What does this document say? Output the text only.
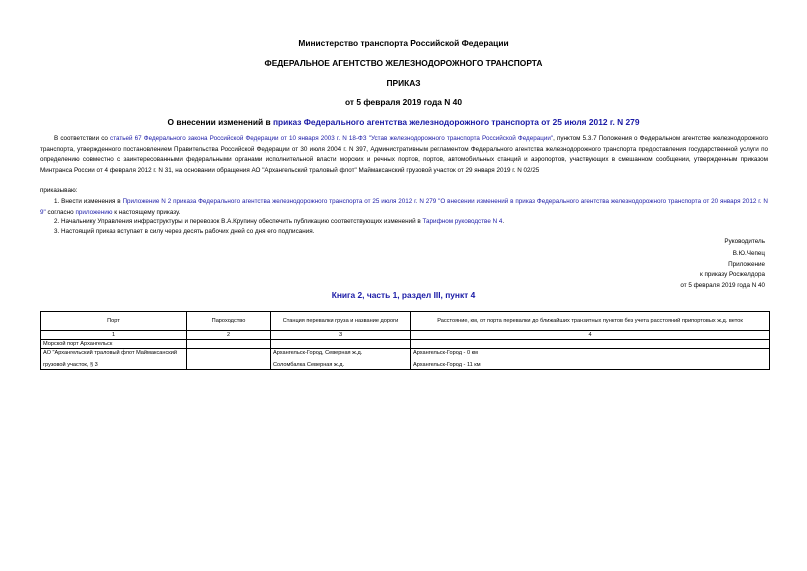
Министерство транспорта Российской Федерации
ФЕДЕРАЛЬНОЕ АГЕНТСТВО ЖЕЛЕЗНОДОРОЖНОГО ТРАНСПОРТА
ПРИКАЗ
от 5 февраля 2019 года N 40
О внесении изменений в приказ Федерального агентства железнодорожного транспорта от 25 июля 2012 г. N 279
В соответствии со статьей 67 Федерального закона Российской Федерации от 10 января 2003 г. N 18-ФЗ "Устав железнодорожного транспорта Российской Федерации", пунктом 5.3.7 Положения о Федеральном агентстве железнодорожного транспорта, утвержденного постановлением Правительства Российской Федерации от 30 июля 2004 г. N 397, Административным регламентом Федерального агентства железнодорожного транспорта предоставления государственной услуги по определению совместно с заинтересованными федеральными органами исполнительной власти морских и речных портов, портов, автомобильных станций и аэропортов, участвующих в смешанном сообщении, утвержденным приказом Минтранса России от 4 февраля 2012 г. N 31, на основании обращения АО "Архангельский траловый флот" Маймаксанский грузовой участок от 29 января 2019 г. N 02/25
приказываю:
1. Внести изменения в Приложение N 2 приказа Федерального агентства железнодорожного транспорта от 25 июля 2012 г. N 279 "О внесении изменений в приказ Федерального агентства железнодорожного транспорта от 20 января 2012 г. N 9" согласно приложению к настоящему приказу.
2. Начальнику Управления инфраструктуры и перевозок В.А.Крупину обеспечить публикацию соответствующих изменений в Тарифном руководстве N 4.
3. Настоящий приказ вступает в силу через десять рабочих дней со дня его подписания.
Руководитель
В.Ю.Чепец
Приложение
к приказу Росжелдора
от 5 февраля 2019 года N 40
Книга 2, часть 1, раздел III, пункт 4
Порт	Пароходство	Станция перевалки груза и название дороги	Расстояние, км, от порта перевалки до ближайших транзитных пунктов без учета расстояний припортовых ж.д. веток
1	2	3	4
Морской порт Архангельск			
АО "Архангельский траловый флот Маймаксанский		Архангельск-Город, Северная ж.д.	Архангельск-Город - 0 км
грузовой участок, § 3		Соломбалка Северная ж.д.	Архангельск-Город - 11 км
